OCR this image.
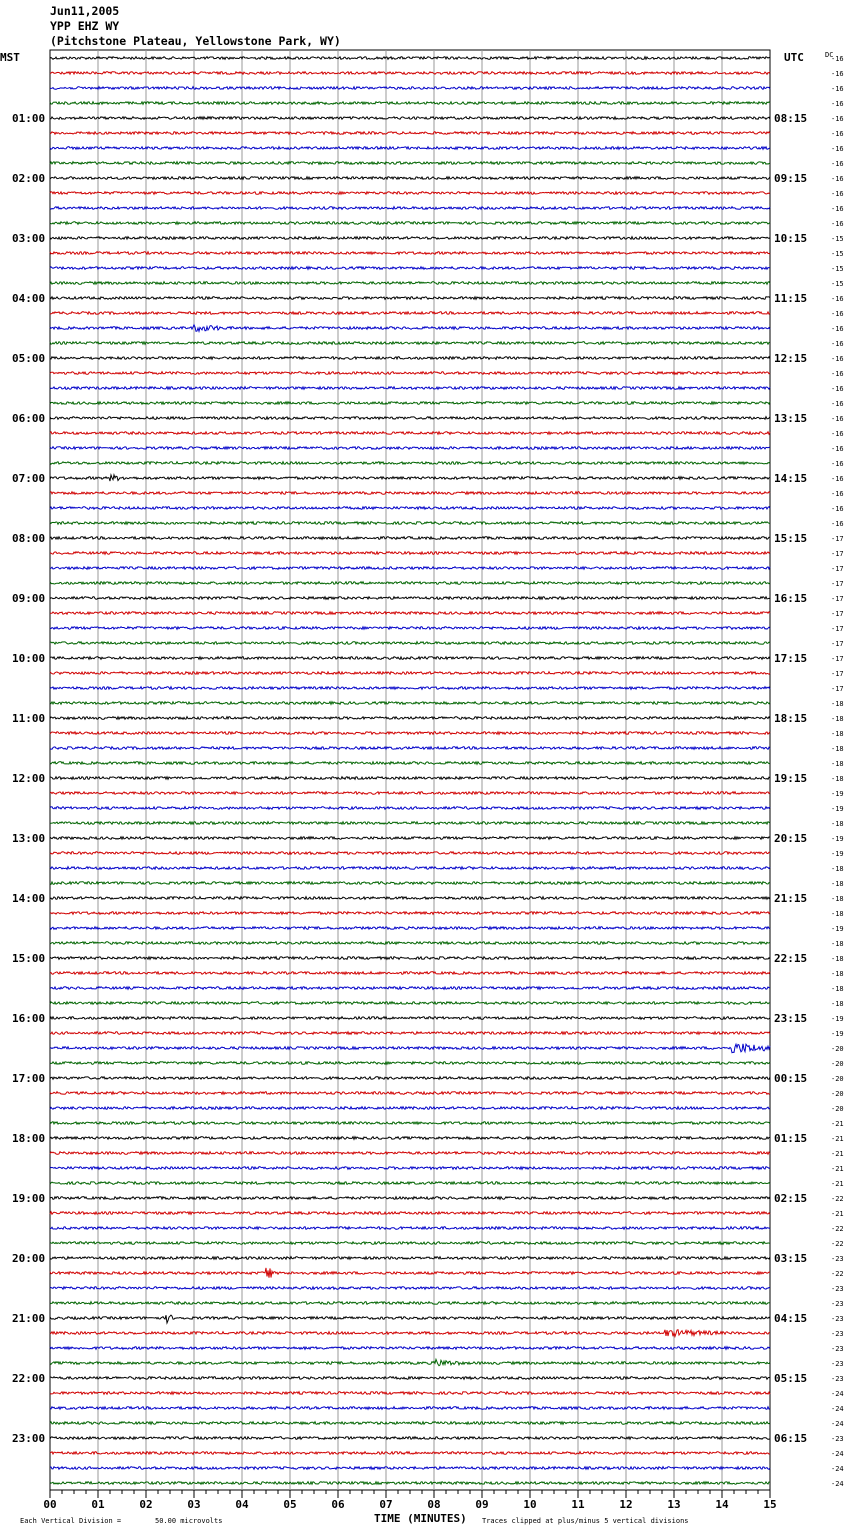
Jun11,2005
YPP EHZ WY
(Pitchstone Plateau, Yellowstone Park, WY)
01:00
02:00
03:00
04:00
05:00
06:00
07:00
08:00
09:00
10:00
11:00
12:00
13:00
14:00
15:00
16:00
17:00
18:00
19:00
20:00
21:00
22:00
23:00
08:15
09:15
10:15
11:15
12:15
13:15
14:15
15:15
16:15
17:15
18:15
19:15
20:15
21:15
22:15
23:15
00:15
01:15
02:15
03:15
04:15
05:15
06:15
-16
-16
-16
-16
-16
-16
-16
-16
-16
-16
-16
-16
-15
-15
-15
-15
-16
-16
-16
-16
-16
-16
-16
-16
-16
-16
-16
-16
-16
-16
-16
-16
-17
-17
-17
-17
-17
-17
-17
-17
-17
-17
-17
-18
-18
-18
-18
-18
-18
-19
-19
-18
-19
-19
-18
-18
-18
-18
-19
-18
-18
-18
-18
-18
-19
-19
-20
-20
-20
-20
-20
-21
-21
-21
-21
-21
-22
-21
-22
-22
-23
-22
-23
-23
-23
-23
-23
-23
-23
-24
-24
-24
-23
-24
-24
-24
00	01	02	03	04	05	06	07	08	09	10	11	12	13	14	15
MST	UTC	DC
TIME (MINUTES)
Each Vertical Division =	50.00 microvolts	Traces clipped at plus/minus 5 vertical divisions
